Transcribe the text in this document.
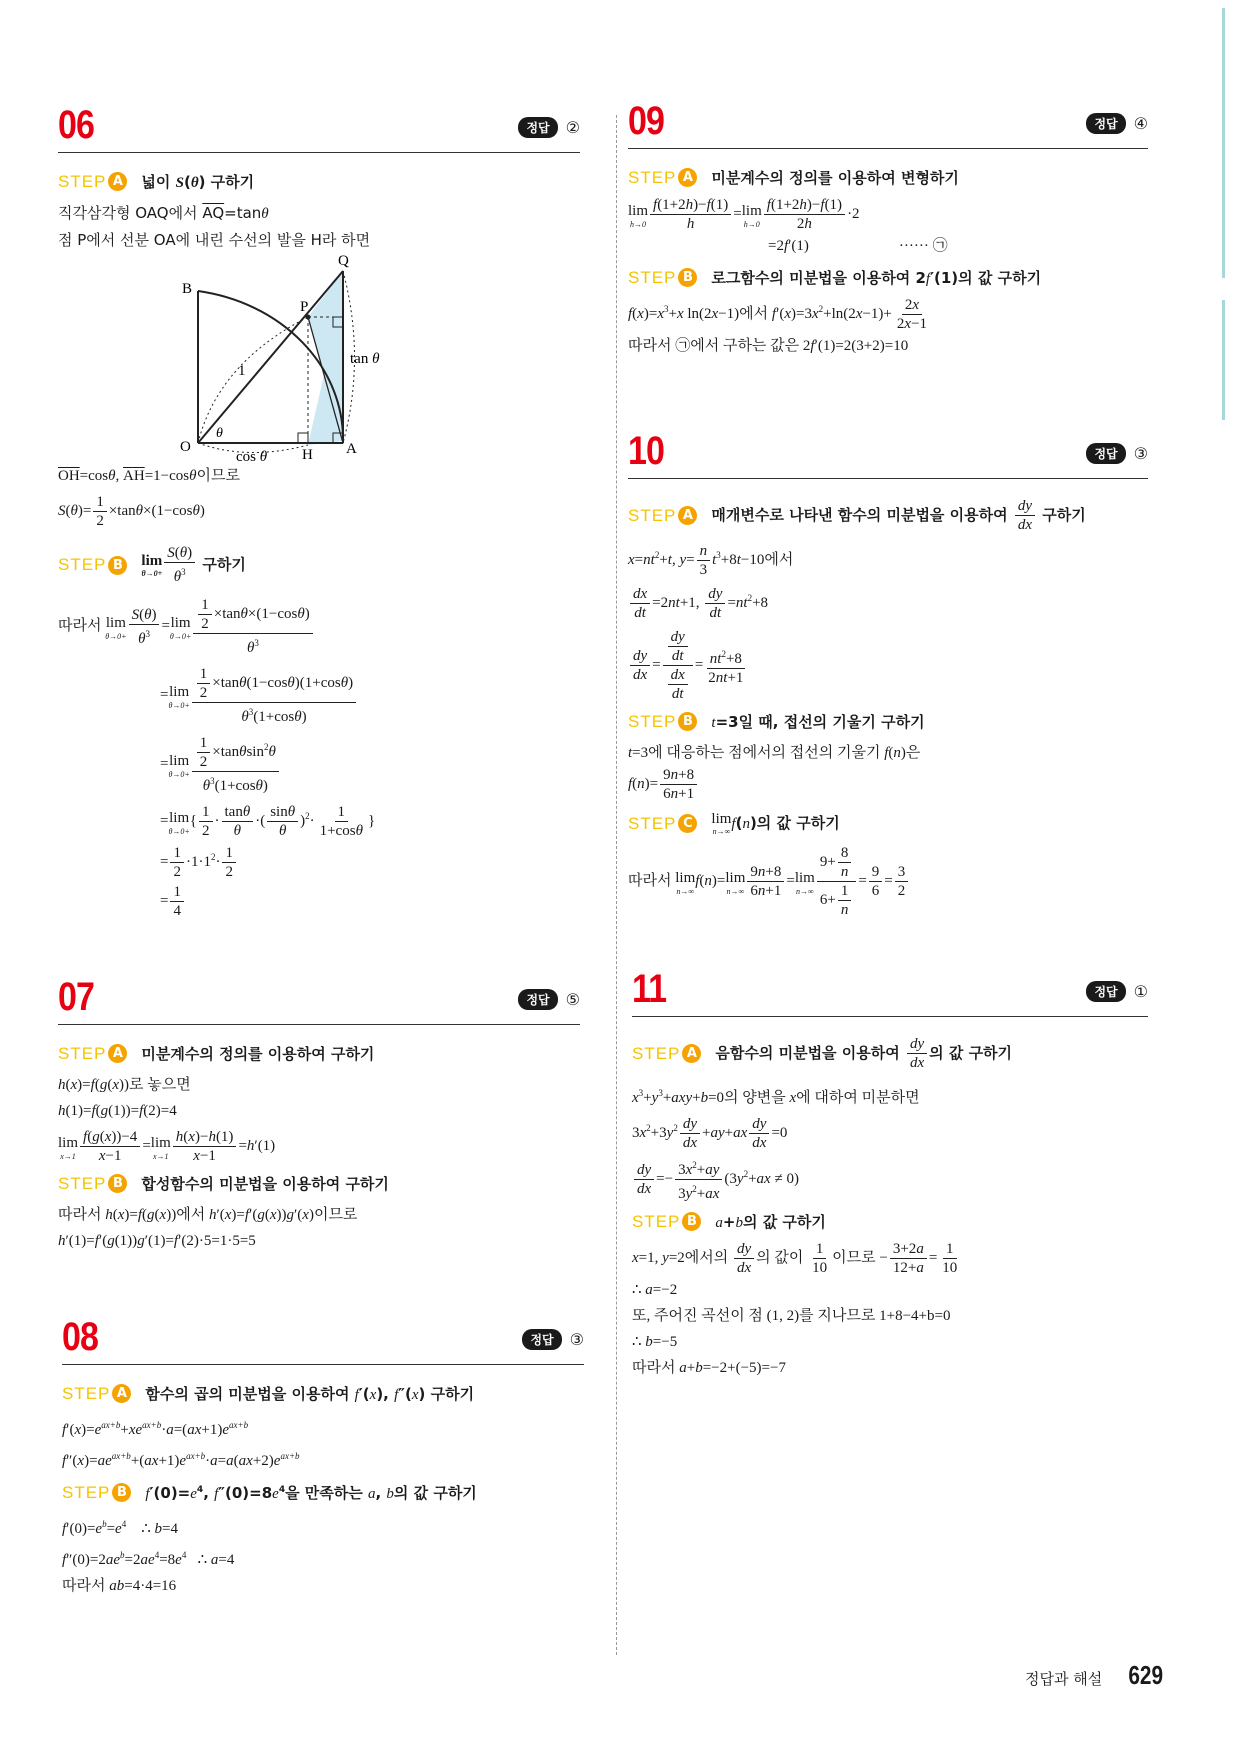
06	정답	②
STEP A 넓이 S(θ) 구하기
직각삼각형 OAQ에서 $\overline{AQ}=\tan\theta$
점 P에서 선분 OA에 내린 수선의 발을 H라 하면
B
Q
P
tan θ
1
θ
O
cos θ H A
$\overline{OH}=\cos\theta$, $\overline{AH}=1-\cos\theta$이므로
$S(\theta)= \frac{1}{2} \times\tan\theta\times(1-\cos\theta)$
STEP B	lim
$\theta\to 0+ \frac{S(\theta)}{\theta^3}$ 구하기
따라서 lim
$\theta\to 0+ \frac{S(\theta)}{\theta^3} =\lim$
$\theta\to 0+ \frac{\frac{1}{2} \times\tan\theta\times(1-\cos\theta)}{\theta^3}$
=lim
$\theta\to 0+ \frac{\frac{1}{2} \times\tan\theta(1-\cos\theta)(1+\cos\theta)}{\theta^3(1+\cos\theta)}$
=lim
$\theta\to 0+ \frac{\frac{1}{2} \times\tan\theta\sin^2\theta}{\theta^3(1+\cos\theta)}$
=lim
θ→0+
{ $\frac{1}{2} \cdot \frac{\tan\theta}{\theta}$ ·( $\frac{\sin\theta}{\theta} )^2\cdot \frac{1}{1+\cos\theta}$ }
= $\frac{1}{2} \cdot 1\cdot 1^2\cdot \frac{1}{2}$
= $\frac{1}{4}$
07	정답	⑤
STEP A 미분계수의 정의를 이용하여 구하기
h(x)=f(g(x))로 놓으면
h(1)=f(g(1))=f(2)=4
lim
$x\to 1 \frac{f(g(x))-4}{x-1} =\lim$
$x\to 1 \frac{h(x)-h(1)}{x-1} =h'(1)$
STEP B	합성함수의 미분법을 이용하여 구하기
따라서 h(x)=f(g(x))에서 h′(x)=f′(g(x))g′(x)이므로
h′(1)=f′(g(1))g′(1)=f′(2)·5=1·5=5
08	정답	③
STEP A 함수의 곱의 미분법을 이용하여 f′(x), f″(x) 구하기
$f'(x)=e^{ax+b}+xe^{ax+b}\cdot a=(ax+1)e^{ax+b}$
$f''(x)=ae^{ax+b}+(ax+1)e^{ax+b}\cdot a=a(ax+2)e^{ax+b}$
STEP B	$f'(0)=e^4$, $f''(0)=8e^4$을 만족하는 a, b의 값 구하기
$f'(0)=e^b=e^4$    ∴ b=4
$f''(0)=2ae^b=2ae^4=8e^4$   ∴ a=4
따라서 ab=4·4=16
09	정답	④
STEP A 미분계수의 정의를 이용하여 변형하기
lim
$h\to 0 \frac{f(1+2h)-f(1)}{h} =\lim$
$h\to 0 \frac{f(1+2h)-f(1)}{2h} \cdot 2$
=2f′(1)	······ ㉠
STEP B	로그함수의 미분법을 이용하여 2f′(1)의 값 구하기
$f(x)=x^3+x$ ln(2x−1)에서 $f'(x)=3x^2+\ln(2x-1)+ \frac{2x}{2x-1}$
따라서 ㉠에서 구하는 값은 2f′(1)=2(3+2)=10
10	정답	③
STEP A 매개변수로 나타낸 함수의 미분법을 이용하여 $\frac{dy}{dx}$ 구하기
$x=nt^2+t$, $y= \frac{n}{3} t^3+8t-10$에서
$\frac{dx}{dt} =2nt+1$, $\frac{dy}{dt} =nt^2+8$
$\frac{dy}{dx} = \frac{\frac{dy}{dt}}{\frac{dx}{dt}} = \frac{nt^2+8}{2nt+1}$
STEP B	t=3일 때, 접선의 기울기 구하기
t=3에 대응하는 점에서의 접선의 기울기 f(n)은
$f(n)= \frac{9n+8}{6n+1}$
STEP C	lim
n→∞ f(n)의 값 구하기
따라서 lim
n→∞
f(n)=lim
$n\to\infty \frac{9n+8}{6n+1} =\lim$
$n\to\infty \frac{9+ \frac{8}{n}}{6+ \frac{1}{n}} = \frac{9}{6} = \frac{3}{2}$
11	정답	①
STEP A 음함수의 미분법을 이용하여 $\frac{dy}{dx}$ 의 값 구하기
$x^3+y^3+axy+b=0$의 양변을 x에 대하여 미분하면
$3x^2+3y^2 \frac{dy}{dx} +ay+ax \frac{dy}{dx} =0$
$\frac{dy}{dx} =- \frac{3x^2+ay}{3y^2+ax} (3y^2+ax \ne 0)$
STEP B	a+b의 값 구하기
x=1, y=2에서의 $\frac{dy}{dx}$ 의 값이 $\frac{1}{10}$ 이므로 − $\frac{3+2a}{12+a} = \frac{1}{10}$
∴ a=−2
또, 주어진 곡선이 점 (1, 2)를 지나므로 1+8−4+b=0
∴ b=−5
따라서 a+b=−2+(−5)=−7
정답과 해설 629
